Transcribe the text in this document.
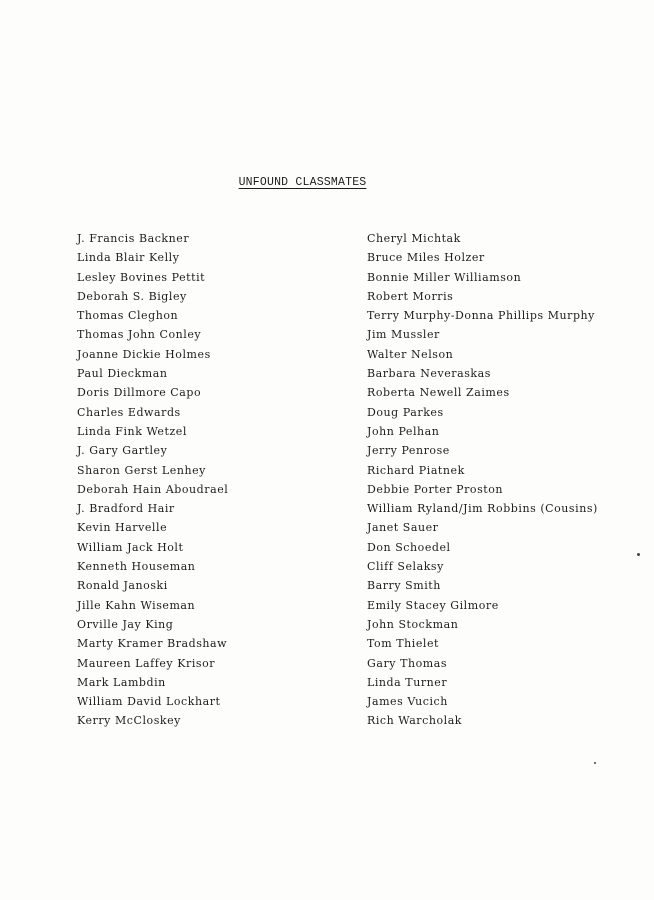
UNFOUND CLASSMATES
J. Francis Backner
Linda Blair Kelly
Lesley Bovines Pettit
Deborah S. Bigley
Thomas Cleghon
Thomas John Conley
Joanne Dickie Holmes
Paul Dieckman
Doris Dillmore Capo
Charles Edwards
Linda Fink Wetzel
J. Gary Gartley
Sharon Gerst Lenhey
Deborah Hain Aboudrael
J. Bradford Hair
Kevin Harvelle
William Jack Holt
Kenneth Houseman
Ronald Janoski
Jille Kahn Wiseman
Orville Jay King
Marty Kramer Bradshaw
Maureen Laffey Krisor
Mark Lambdin
William David Lockhart
Kerry McCloskey
Cheryl Michtak
Bruce Miles Holzer
Bonnie Miller Williamson
Robert Morris
Terry Murphy-Donna Phillips Murphy
Jim Mussler
Walter Nelson
Barbara Neveraskas
Roberta Newell Zaimes
Doug Parkes
John Pelhan
Jerry Penrose
Richard Piatnek
Debbie Porter Proston
William Ryland/Jim Robbins (Cousins)
Janet Sauer
Don Schoedel
Cliff Selaksy
Barry Smith
Emily Stacey Gilmore
John Stockman
Tom Thielet
Gary Thomas
Linda Turner
James Vucich
Rich Warcholak
